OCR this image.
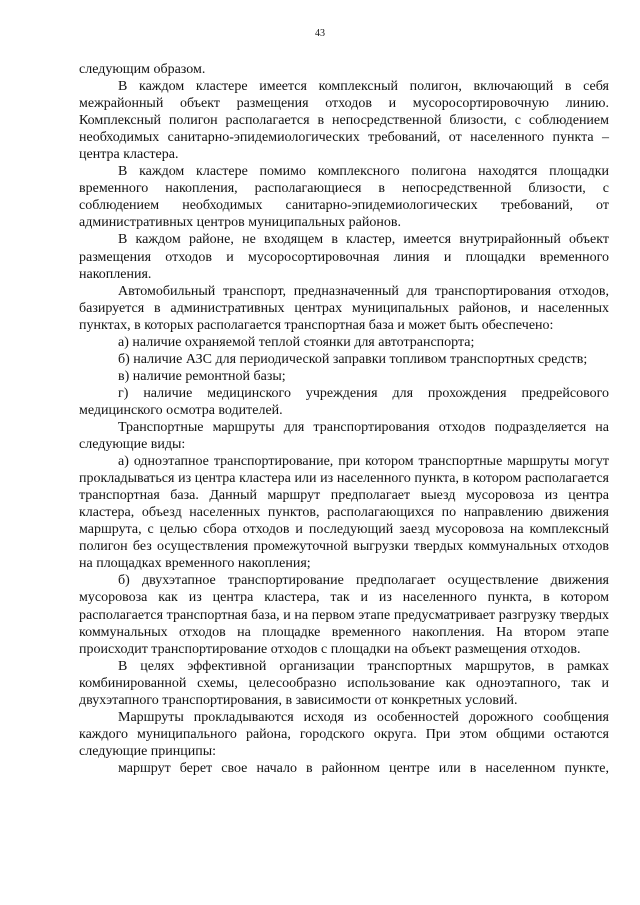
43

следующим образом.

В каждом кластере имеется комплексный полигон, включающий в себя межрайонный объект размещения отходов и мусоросортировочную линию. Комплексный полигон располагается в непосредственной близости, с соблюдением необходимых санитарно-эпидемиологических требований, от населенного пункта – центра кластера.

В каждом кластере помимо комплексного полигона находятся площадки временного накопления, располагающиеся в непосредственной близости, с соблюдением необходимых санитарно-эпидемиологических требований, от административных центров муниципальных районов.

В каждом районе, не входящем в кластер, имеется внутрирайонный объект размещения отходов и мусоросортировочная линия и площадки временного накопления.

Автомобильный транспорт, предназначенный для транспортирования отходов, базируется в административных центрах муниципальных районов, и населенных пунктах, в которых располагается транспортная база и может быть обеспечено:

а) наличие охраняемой теплой стоянки для автотранспорта;

б) наличие АЗС для периодической заправки топливом транспортных средств;

в) наличие ремонтной базы;

г) наличие медицинского учреждения для прохождения предрейсового медицинского осмотра водителей.

Транспортные маршруты для транспортирования отходов подразделяется на следующие виды:

а) одноэтапное транспортирование, при котором транспортные маршруты могут прокладываться из центра кластера или из населенного пункта, в котором располагается транспортная база. Данный маршрут предполагает выезд мусоровоза из центра кластера, объезд населенных пунктов, располагающихся по направлению движения маршрута, с целью сбора отходов и последующий заезд мусоровоза на комплексный полигон без осуществления промежуточной выгрузки твердых коммунальных отходов на площадках временного накопления;

б) двухэтапное транспортирование предполагает осуществление движения мусоровоза как из центра кластера, так и из населенного пункта, в котором располагается транспортная база, и на первом этапе предусматривает разгрузку твердых коммунальных отходов на площадке временного накопления. На втором этапе происходит транспортирование отходов с площадки на объект размещения отходов.

В целях эффективной организации транспортных маршрутов, в рамках комбинированной схемы, целесообразно использование как одноэтапного, так и двухэтапного транспортирования, в зависимости от конкретных условий.

Маршруты прокладываются исходя из особенностей дорожного сообщения каждого муниципального района, городского округа. При этом общими остаются следующие принципы:

маршрут берет свое начало в районном центре или в населенном пункте,
